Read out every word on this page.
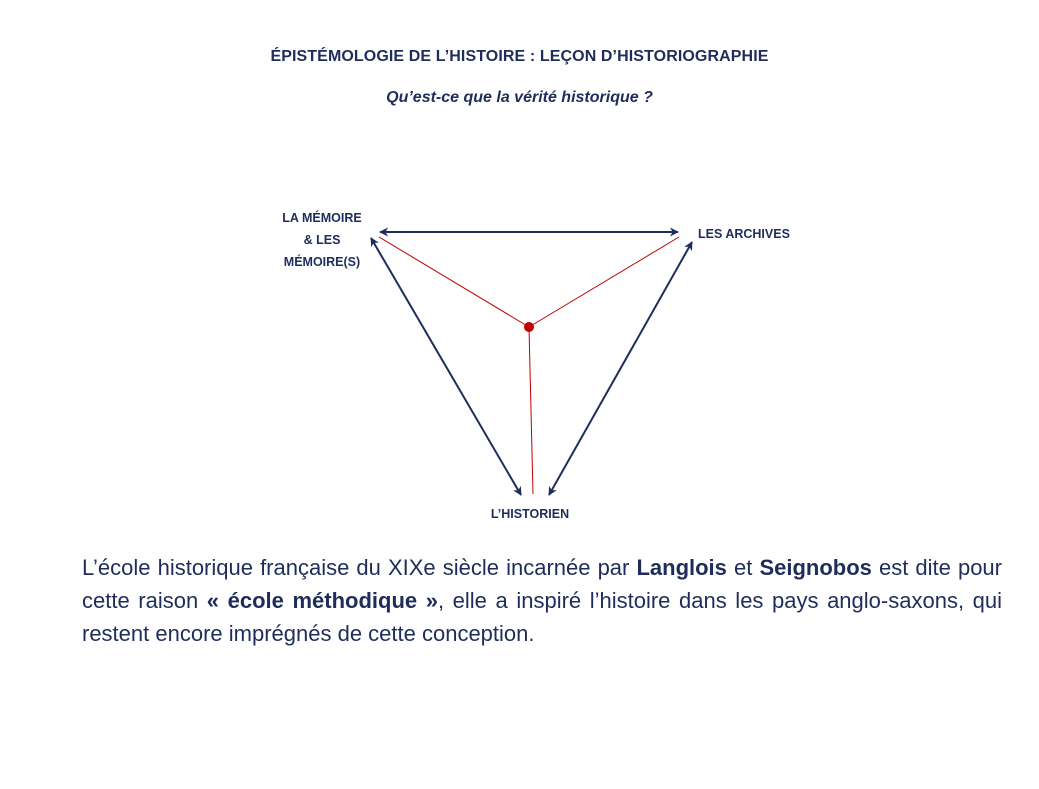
ÉPISTÉMOLOGIE DE L’HISTOIRE : LEÇON D’HISTORIOGRAPHIE
Qu’est-ce que la vérité historique ?
LA MÉMOIRE
& LES
MÉMOIRE(S)
LES ARCHIVES
L’HISTORIEN
L’école historique française du XIXe siècle incarnée par Langlois et Seignobos est dite pour cette raison « école méthodique », elle a inspiré l’histoire dans les pays anglo-saxons, qui restent encore imprégnés de cette conception.
